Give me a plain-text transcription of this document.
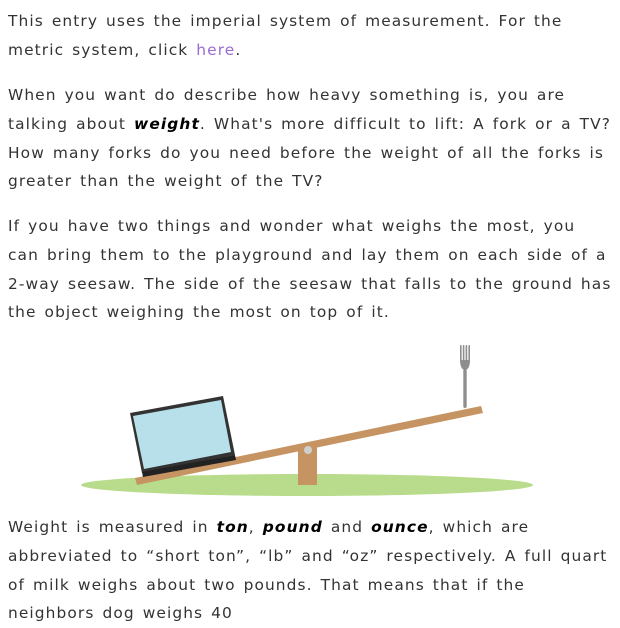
This entry uses the imperial system of measurement. For the metric system, click here.

When you want do describe how heavy something is, you are talking about weight. What's more difficult to lift: A fork or a TV? How many forks do you need before the weight of all the forks is greater than the weight of the TV?

If you have two things and wonder what weighs the most, you can bring them to the playground and lay them on each side of a 2-way seesaw. The side of the seesaw that falls to the ground has the object weighing the most on top of it.

Weight is measured in ton, pound and ounce, which are abbreviated to “short ton”, “lb” and “oz” respectively. A full quart of milk weighs about two pounds. That means that if the neighbors dog weighs 40
